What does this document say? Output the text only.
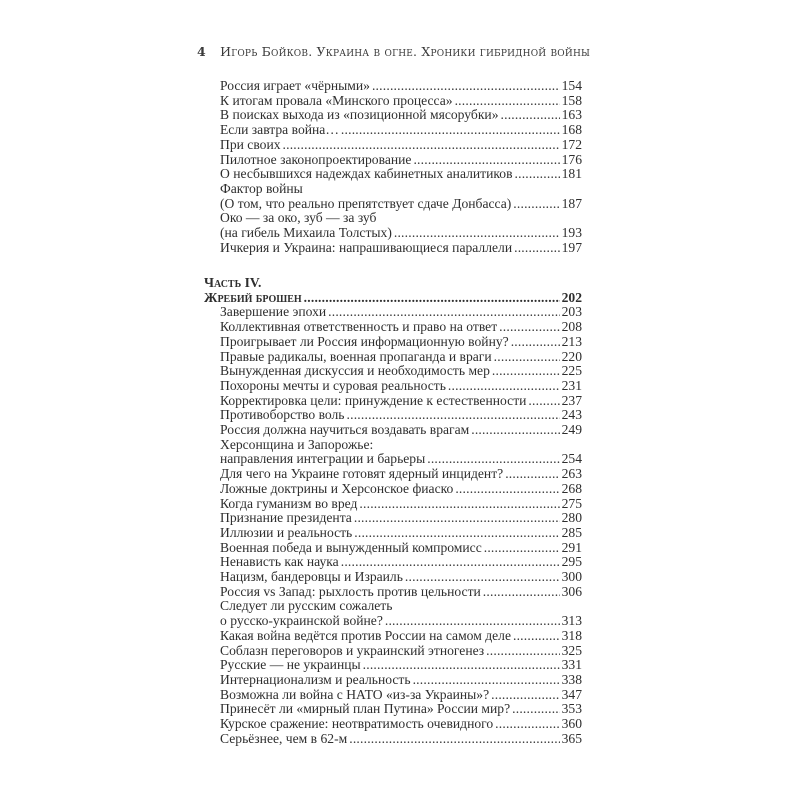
4 Игорь Бойков. Украина в огне. Хроники гибридной войны
Россия играет «чёрными» . . .	154
К итогам провала «Минского процесса» . . .	158
В поисках выхода из «позиционной мясорубки» . . .	163
Если завтра война… . . .	168
При своих . . .	172
Пилотное законопроектирование . . .	176
О несбывшихся надеждах кабинетных аналитиков . . .	181
Фактор войны
(О том, что реально препятствует сдаче Донбасса) . . .	187
Око — за око, зуб — за зуб
(на гибель Михаила Толстых) . . .	193
Ичкерия и Украина: напрашивающиеся параллели . . .	197
Часть IV.
Жребий брошен . . .	202
Завершение эпохи . . .	203
Коллективная ответственность и право на ответ . . .	208
Проигрывает ли Россия информационную войну? . . .	213
Правые радикалы, военная пропаганда и враги . . .	220
Вынужденная дискуссия и необходимость мер . . .	225
Похороны мечты и суровая реальность . . .	231
Корректировка цели: принуждение к естественности . . .	237
Противоборство воль . . .	243
Россия должна научиться воздавать врагам . . .	249
Херсонщина и Запорожье:
направления интеграции и барьеры . . .	254
Для чего на Украине готовят ядерный инцидент? . . .	263
Ложные доктрины и Херсонское фиаско . . .	268
Когда гуманизм во вред . . .	275
Признание президента . . .	280
Иллюзии и реальность . . .	285
Военная победа и вынужденный компромисс . . .	291
Ненависть как наука . . .	295
Нацизм, бандеровцы и Израиль . . .	300
Россия vs Запад: рыхлость против цельности . . .	306
Следует ли русским сожалеть
о русско-украинской войне? . . .	313
Какая война ведётся против России на самом деле . . .	318
Соблазн переговоров и украинский этногенез . . .	325
Русские — не украинцы . . .	331
Интернационализм и реальность . . .	338
Возможна ли война с НАТО «из-за Украины»? . . .	347
Принесёт ли «мирный план Путина» России мир? . . .	353
Курское сражение: неотвратимость очевидного . . .	360
Серьёзнее, чем в 62-м . . .	365
